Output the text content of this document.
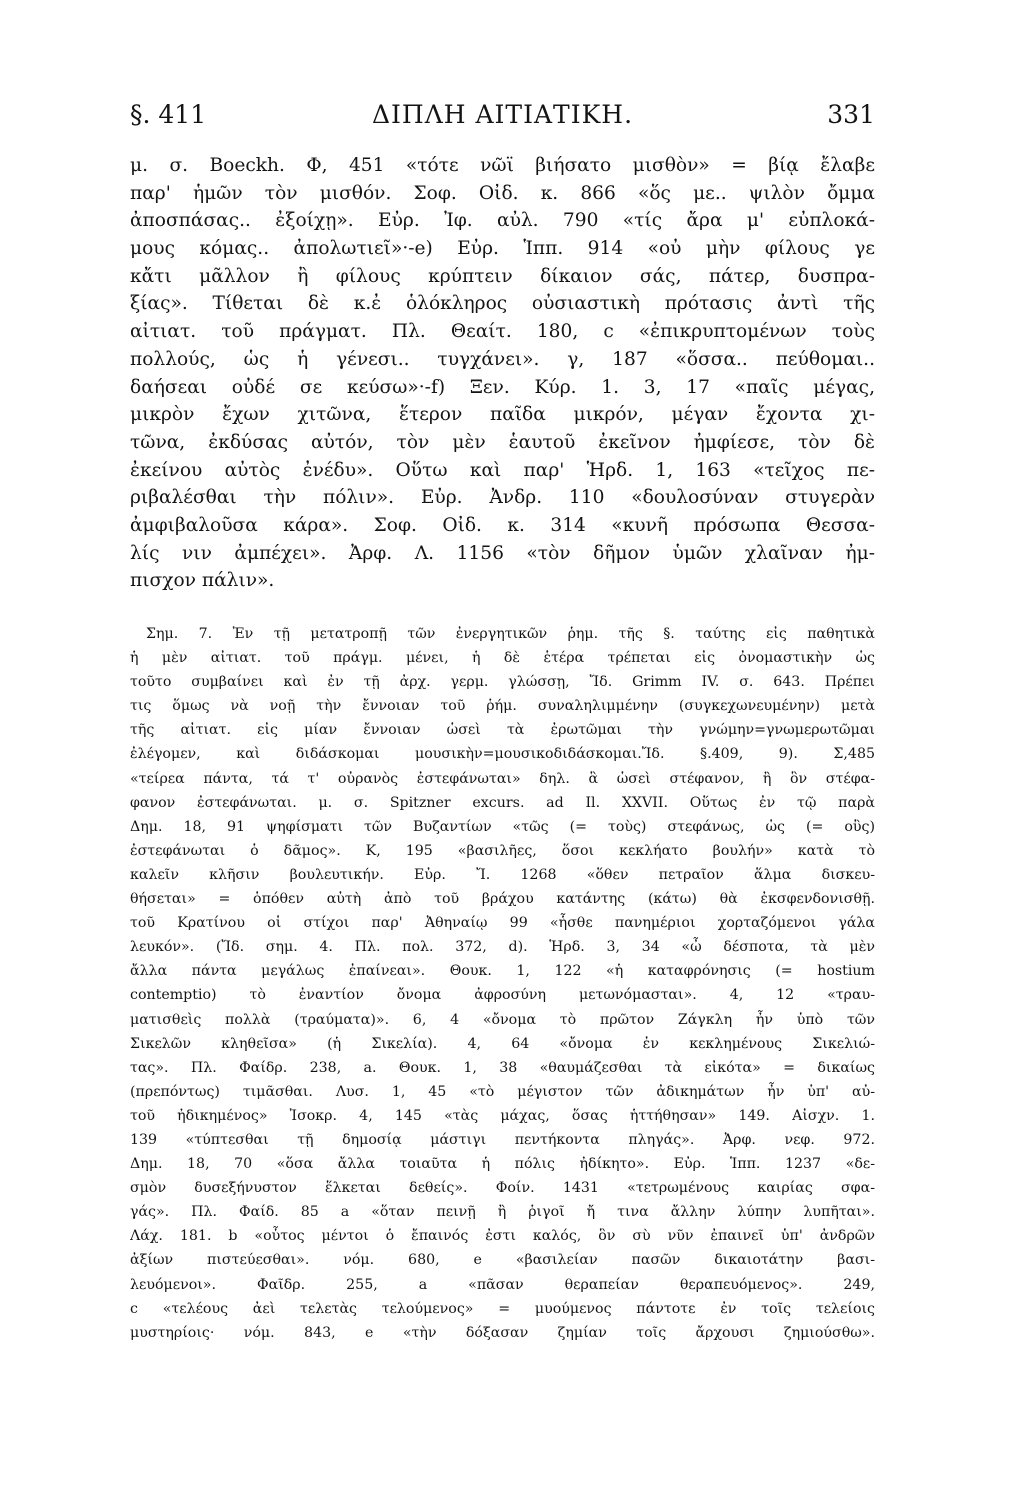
§. 411	ΔΙΠΛΗ ΑΙΤΙΑΤΙΚΗ.	331
μ. σ. Boeckh. Φ, 451 «τότε νῶϊ βιήσατο μισθὸν» = βίᾳ ἔλαβε
παρ' ἡμῶν τὸν μισθόν. Σοφ. Οἰδ. κ. 866 «ὅς με.. ψιλὸν ὄμμα
ἀποσπάσας.. ἐξοίχῃ». Εὐρ. Ἰφ. αὐλ. 790 «τίς ἄρα μ' εὐπλοκά-
μους κόμας.. ἀπολωτιεῖ»·-e) Εὐρ. Ἱππ. 914 «οὐ μὴν φίλους γε
κἄτι μᾶλλον ἢ φίλους κρύπτειν δίκαιον σάς, πάτερ, δυσπρα-
ξίας». Τίθεται δὲ κ.ἐ ὁλόκληρος οὐσιαστικὴ πρότασις ἀντὶ τῆς
αἰτιατ. τοῦ πράγματ. Πλ. Θεαίτ. 180, c «ἐπικρυπτομένων τοὺς
πολλούς, ὡς ἡ γένεσι.. τυγχάνει». γ, 187 «ὅσσα.. πεύθομαι..
δαήσεαι οὐδέ σε κεύσω»·-f) Ξεν. Κύρ. 1. 3, 17 «παῖς μέγας,
μικρὸν ἔχων χιτῶνα, ἕτερον παῖδα μικρόν, μέγαν ἔχοντα χι-
τῶνα, ἐκδύσας αὐτόν, τὸν μὲν ἑαυτοῦ ἐκεῖνον ἠμφίεσε, τὸν δὲ
ἐκείνου αὐτὸς ἐνέδυ». Οὕτω καὶ παρ' Ἡρδ. 1, 163 «τεῖχος πε-
ριβαλέσθαι τὴν πόλιν». Εὐρ. Ἀνδρ. 110 «δουλοσύναν στυγερὰν
ἀμφιβαλοῦσα κάρα». Σοφ. Οἰδ. κ. 314 «κυνῆ πρόσωπα Θεσσα-
λίς νιν ἀμπέχει». Ἀρφ. Λ. 1156 «τὸν δῆμον ὑμῶν χλαῖναν ἠμ-
πισχον πάλιν».
Σημ. 7. Ἐν τῇ μετατροπῇ τῶν ἐνεργητικῶν ῥημ. τῆς §. ταύτης εἰς παθητικὰ
ἡ μὲν αἰτιατ. τοῦ πράγμ. μένει, ἡ δὲ ἑτέρα τρέπεται εἰς ὀνομαστικὴν ὡς
τοῦτο συμβαίνει καὶ ἐν τῇ ἀρχ. γερμ. γλώσσῃ, Ἴδ. Grimm IV. σ. 643. Πρέπει
τις ὅμως νὰ νοῇ τὴν ἔννοιαν τοῦ ῥήμ. συναληλιμμένην (συγκεχωνευμένην) μετὰ
τῆς αἰτιατ. εἰς μίαν ἔννοιαν ὡσεὶ τὰ ἐρωτῶμαι τὴν γνώμην=γνωμερωτῶμαι
ἐλέγομεν, καὶ διδάσκομαι μουσικὴν=μουσικοδιδάσκομαι.Ἴδ. §.409, 9). Σ,485
«τείρεα πάντα, τά τ' οὐρανὸς ἐστεφάνωται» δηλ. ἃ ὡσεὶ στέφανον, ἢ ὃν στέφα-
φανον ἐστεφάνωται. μ. σ. Spitzner excurs. ad Il. XXVII. Οὕτως ἐν τῷ παρὰ
Δημ. 18, 91 ψηφίσματι τῶν Βυζαντίων «τῶς (= τοὺς) στεφάνως, ὡς (= οὓς)
ἐστεφάνωται ὁ δᾶμος». Κ, 195 «βασιλῆες, ὅσοι κεκλήατο βουλήν» κατὰ τὸ
καλεῖν κλῆσιν βουλευτικήν. Εὐρ. Ἴ. 1268 «ὅθεν πετραῖον ἅλμα δισκευ-
θήσεται» = ὁπόθεν αὐτὴ ἀπὸ τοῦ βράχου κατάντης (κάτω) θὰ ἐκσφενδονισθῇ.
τοῦ Κρατίνου οἱ στίχοι παρ' Ἀθηναίῳ 99 «ἧσθε πανημέριοι χορταζόμενοι γάλα
λευκόν». (Ἴδ. σημ. 4. Πλ. πολ. 372, d). Ἡρδ. 3, 34 «ὦ δέσποτα, τὰ μὲν
ἄλλα πάντα μεγάλως ἐπαίνεαι». Θουκ. 1, 122 «ἡ καταφρόνησις (= hostium
contemptio) τὸ ἐναντίον ὄνομα ἀφροσύνη μετωνόμασται». 4, 12 «τραυ-
ματισθεὶς πολλὰ (τραύματα)». 6, 4 «ὄνομα τὸ πρῶτον Ζάγκλη ἦν ὑπὸ τῶν
Σικελῶν κληθεῖσα» (ἡ Σικελία). 4, 64 «ὄνομα ἐν κεκλημένους Σικελιώ-
τας». Πλ. Φαίδρ. 238, a. Θουκ. 1, 38 «θαυμάζεσθαι τὰ εἰκότα» = δικαίως
(πρεπόντως) τιμᾶσθαι. Λυσ. 1, 45 «τὸ μέγιστον τῶν ἀδικημάτων ἦν ὑπ' αὐ-
τοῦ ἠδικημένος» Ἰσοκρ. 4, 145 «τὰς μάχας, ὅσας ἡττήθησαν» 149. Αἰσχν. 1.
139 «τύπτεσθαι τῇ δημοσίᾳ μάστιγι πεντήκοντα πληγάς». Ἀρφ. νεφ. 972.
Δημ. 18, 70 «ὅσα ἄλλα τοιαῦτα ἡ πόλις ἠδίκητο». Εὐρ. Ἱππ. 1237 «δε-
σμὸν δυσεξήνυστον ἕλκεται δεθείς». Φοίν. 1431 «τετρωμένους καιρίας σφα-
γάς». Πλ. Φαίδ. 85 a «ὅταν πεινῇ ἢ ῥιγοῖ ἤ τινα ἄλλην λύπην λυπῆται».
Λάχ. 181. b «οὗτος μέντοι ὁ ἔπαινός ἐστι καλός, ὃν σὺ νῦν ἐπαινεῖ ὑπ' ἀνδρῶν
ἀξίων πιστεύεσθαι». νόμ. 680, e «βασιλείαν πασῶν δικαιοτάτην βασι-
λευόμενοι». Φαῖδρ. 255, a «πᾶσαν θεραπείαν θεραπευόμενος». 249,
c «τελέους ἀεὶ τελετὰς τελούμενος» = μυούμενος πάντοτε ἐν τοῖς τελείοις
μυστηρίοις· νόμ. 843, e «τὴν δόξασαν ζημίαν τοῖς ἄρχουσι ζημιούσθω».
